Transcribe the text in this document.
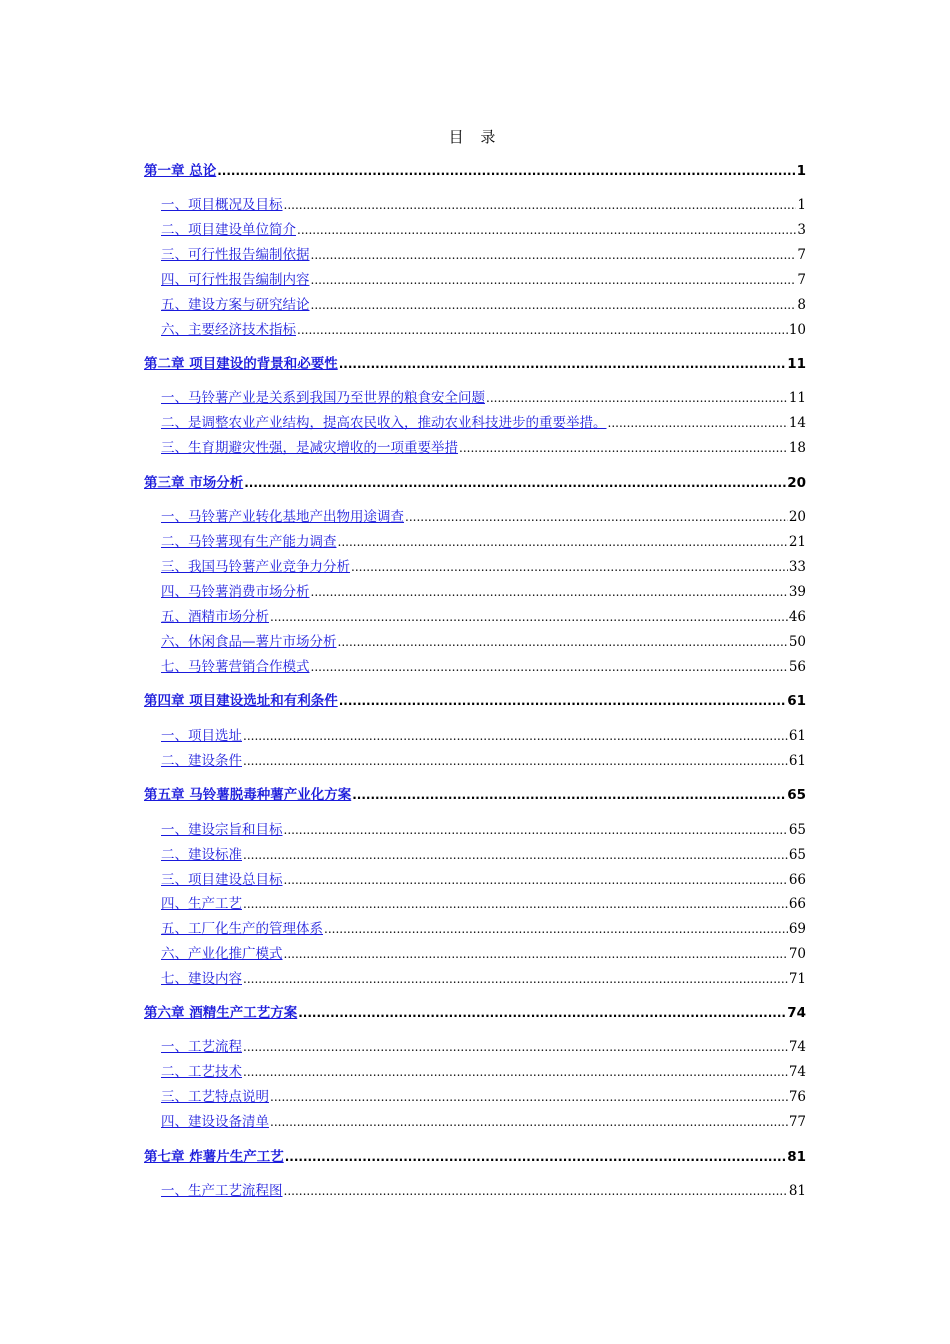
目 录
第一章 总论 .....	1
一、项目概况及目标 .....	1
二、项目建设单位简介 .....	3
三、可行性报告编制依据 .....	7
四、可行性报告编制内容 .....	7
五、建设方案与研究结论 .....	8
六、主要经济技术指标 .....	10
第二章 项目建设的背景和必要性 .....	11
一、马铃薯产业是关系到我国乃至世界的粮食安全问题 .....	11
二、是调整农业产业结构，提高农民收入，推动农业科技进步的重要举措。 .....	14
三、生育期避灾性强，是减灾增收的一项重要举措 .....	18
第三章 市场分析 .....	20
一、马铃薯产业转化基地产出物用途调查 .....	20
二、马铃薯现有生产能力调查 .....	21
三、我国马铃薯产业竞争力分析 .....	33
四、马铃薯消费市场分析 .....	39
五、酒精市场分析 .....	46
六、休闲食品—薯片市场分析 .....	50
七、马铃薯营销合作模式 .....	56
第四章 项目建设选址和有利条件 .....	61
一、项目选址 .....	61
二、建设条件 .....	61
第五章 马铃薯脱毒种薯产业化方案 .....	65
一、建设宗旨和目标 .....	65
二、建设标准 .....	65
三、项目建设总目标 .....	66
四、生产工艺 .....	66
五、工厂化生产的管理体系 .....	69
六、产业化推广模式 .....	70
七、建设内容 .....	71
第六章 酒精生产工艺方案 .....	74
一、工艺流程 .....	74
二、工艺技术 .....	74
三、工艺特点说明 .....	76
四、建设设备清单 .....	77
第七章 炸薯片生产工艺 .....	81
一、生产工艺流程图 .....	81
